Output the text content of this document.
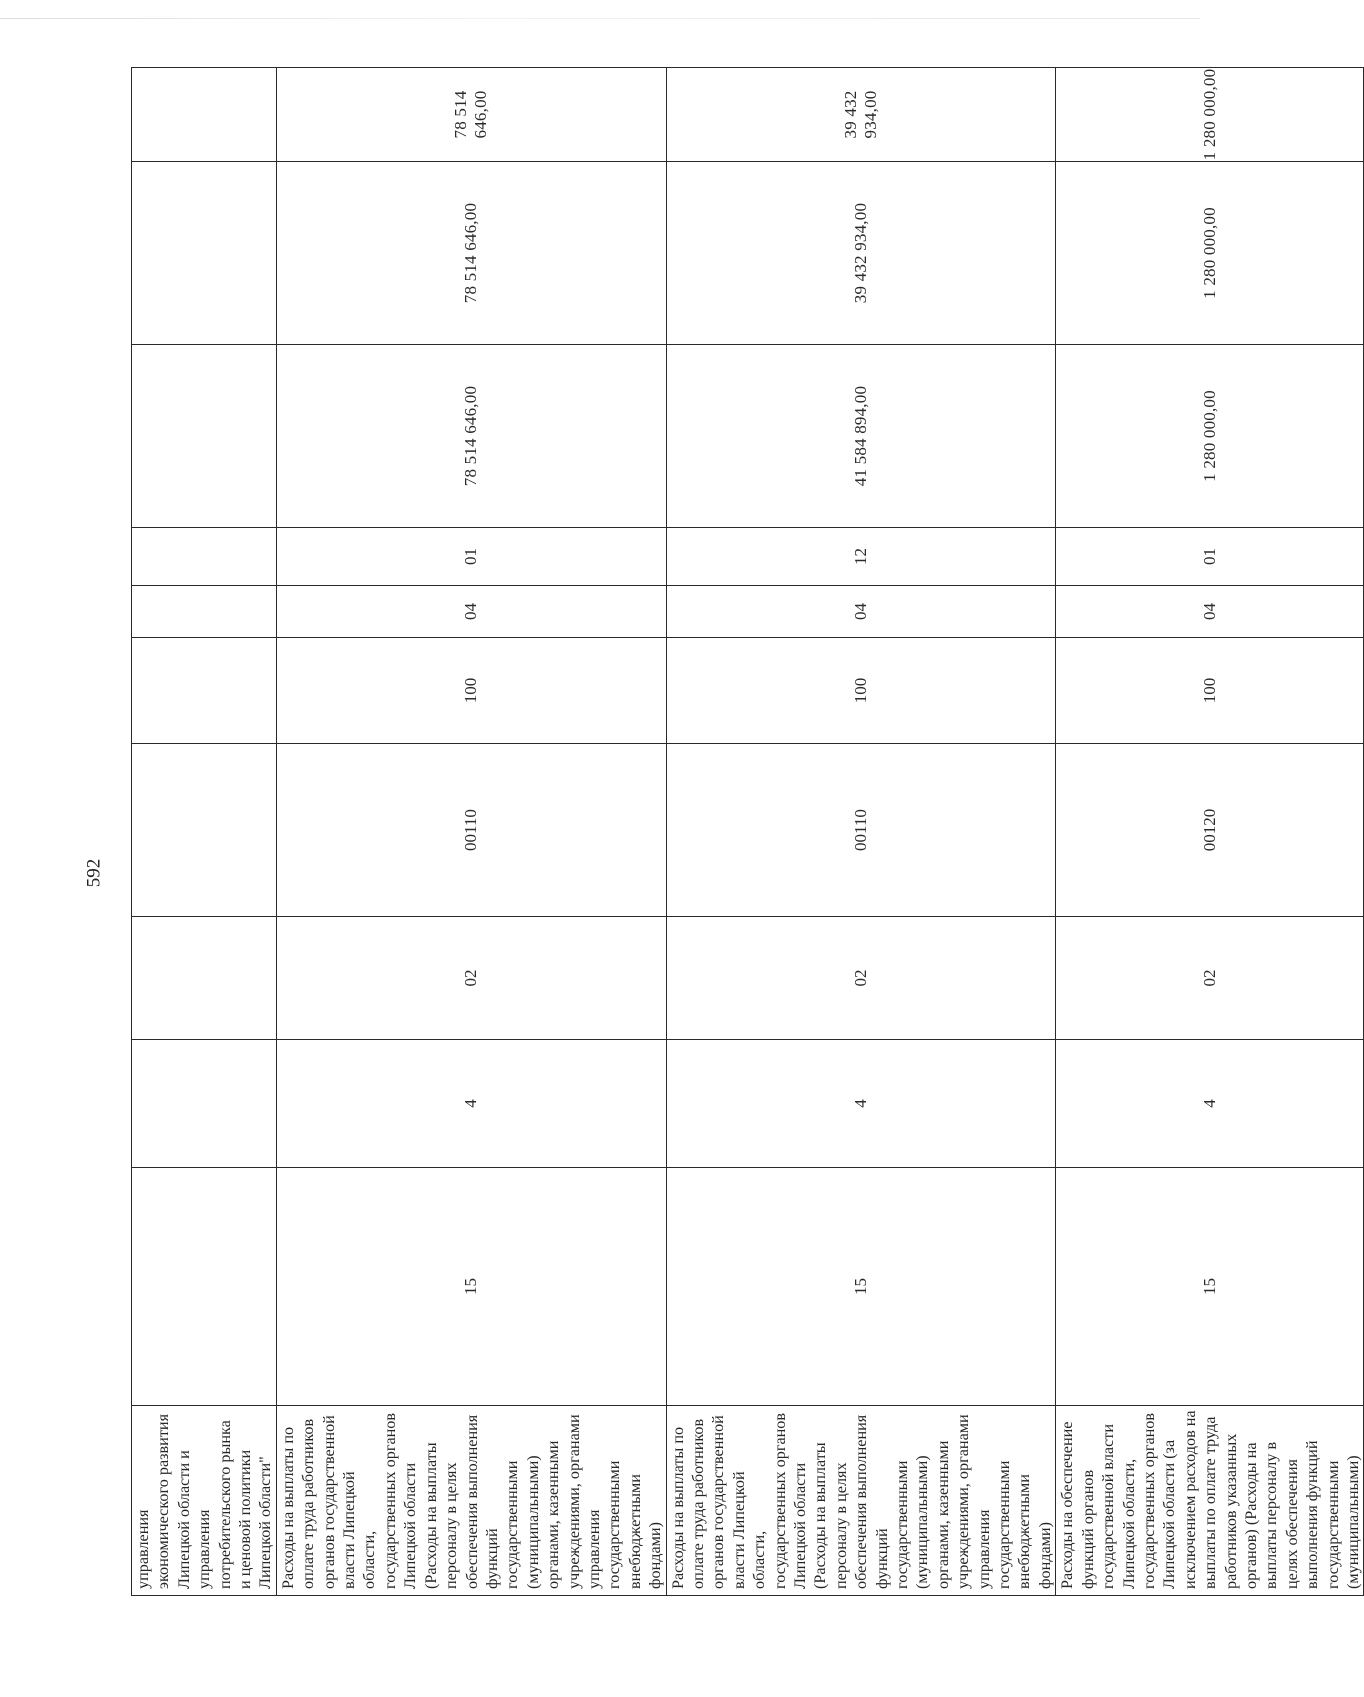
592
управления экономического развития Липецкой области и управления потребительского рынка и ценовой политики Липецкой области"										
Расходы на выплаты по оплате труда работников органов государственной власти Липецкой области, государственных органов Липецкой области (Расходы на выплаты персоналу в целях обеспечения выполнения функций государственными (муниципальными) органами, казенными учреждениями, органами управления государственными внебюджетными фондами)	15	4	02	00110	100	04	01	78 514 646,00	78 514 646,00	78 514 646,00
Расходы на выплаты по оплате труда работников органов государственной власти Липецкой области, государственных органов Липецкой области (Расходы на выплаты персоналу в целях обеспечения выполнения функций государственными (муниципальными) органами, казенными учреждениями, органами управления государственными внебюджетными фондами)	15	4	02	00110	100	04	12	41 584 894,00	39 432 934,00	39 432 934,00
Расходы на обеспечение функций органов государственной власти Липецкой области, государственных органов Липецкой области (за исключением расходов на выплаты по оплате труда работников указанных органов) (Расходы на выплаты персоналу в целях обеспечения выполнения функций государственными (муниципальными)	15	4	02	00120	100	04	01	1 280 000,00	1 280 000,00	1 280 000,00
